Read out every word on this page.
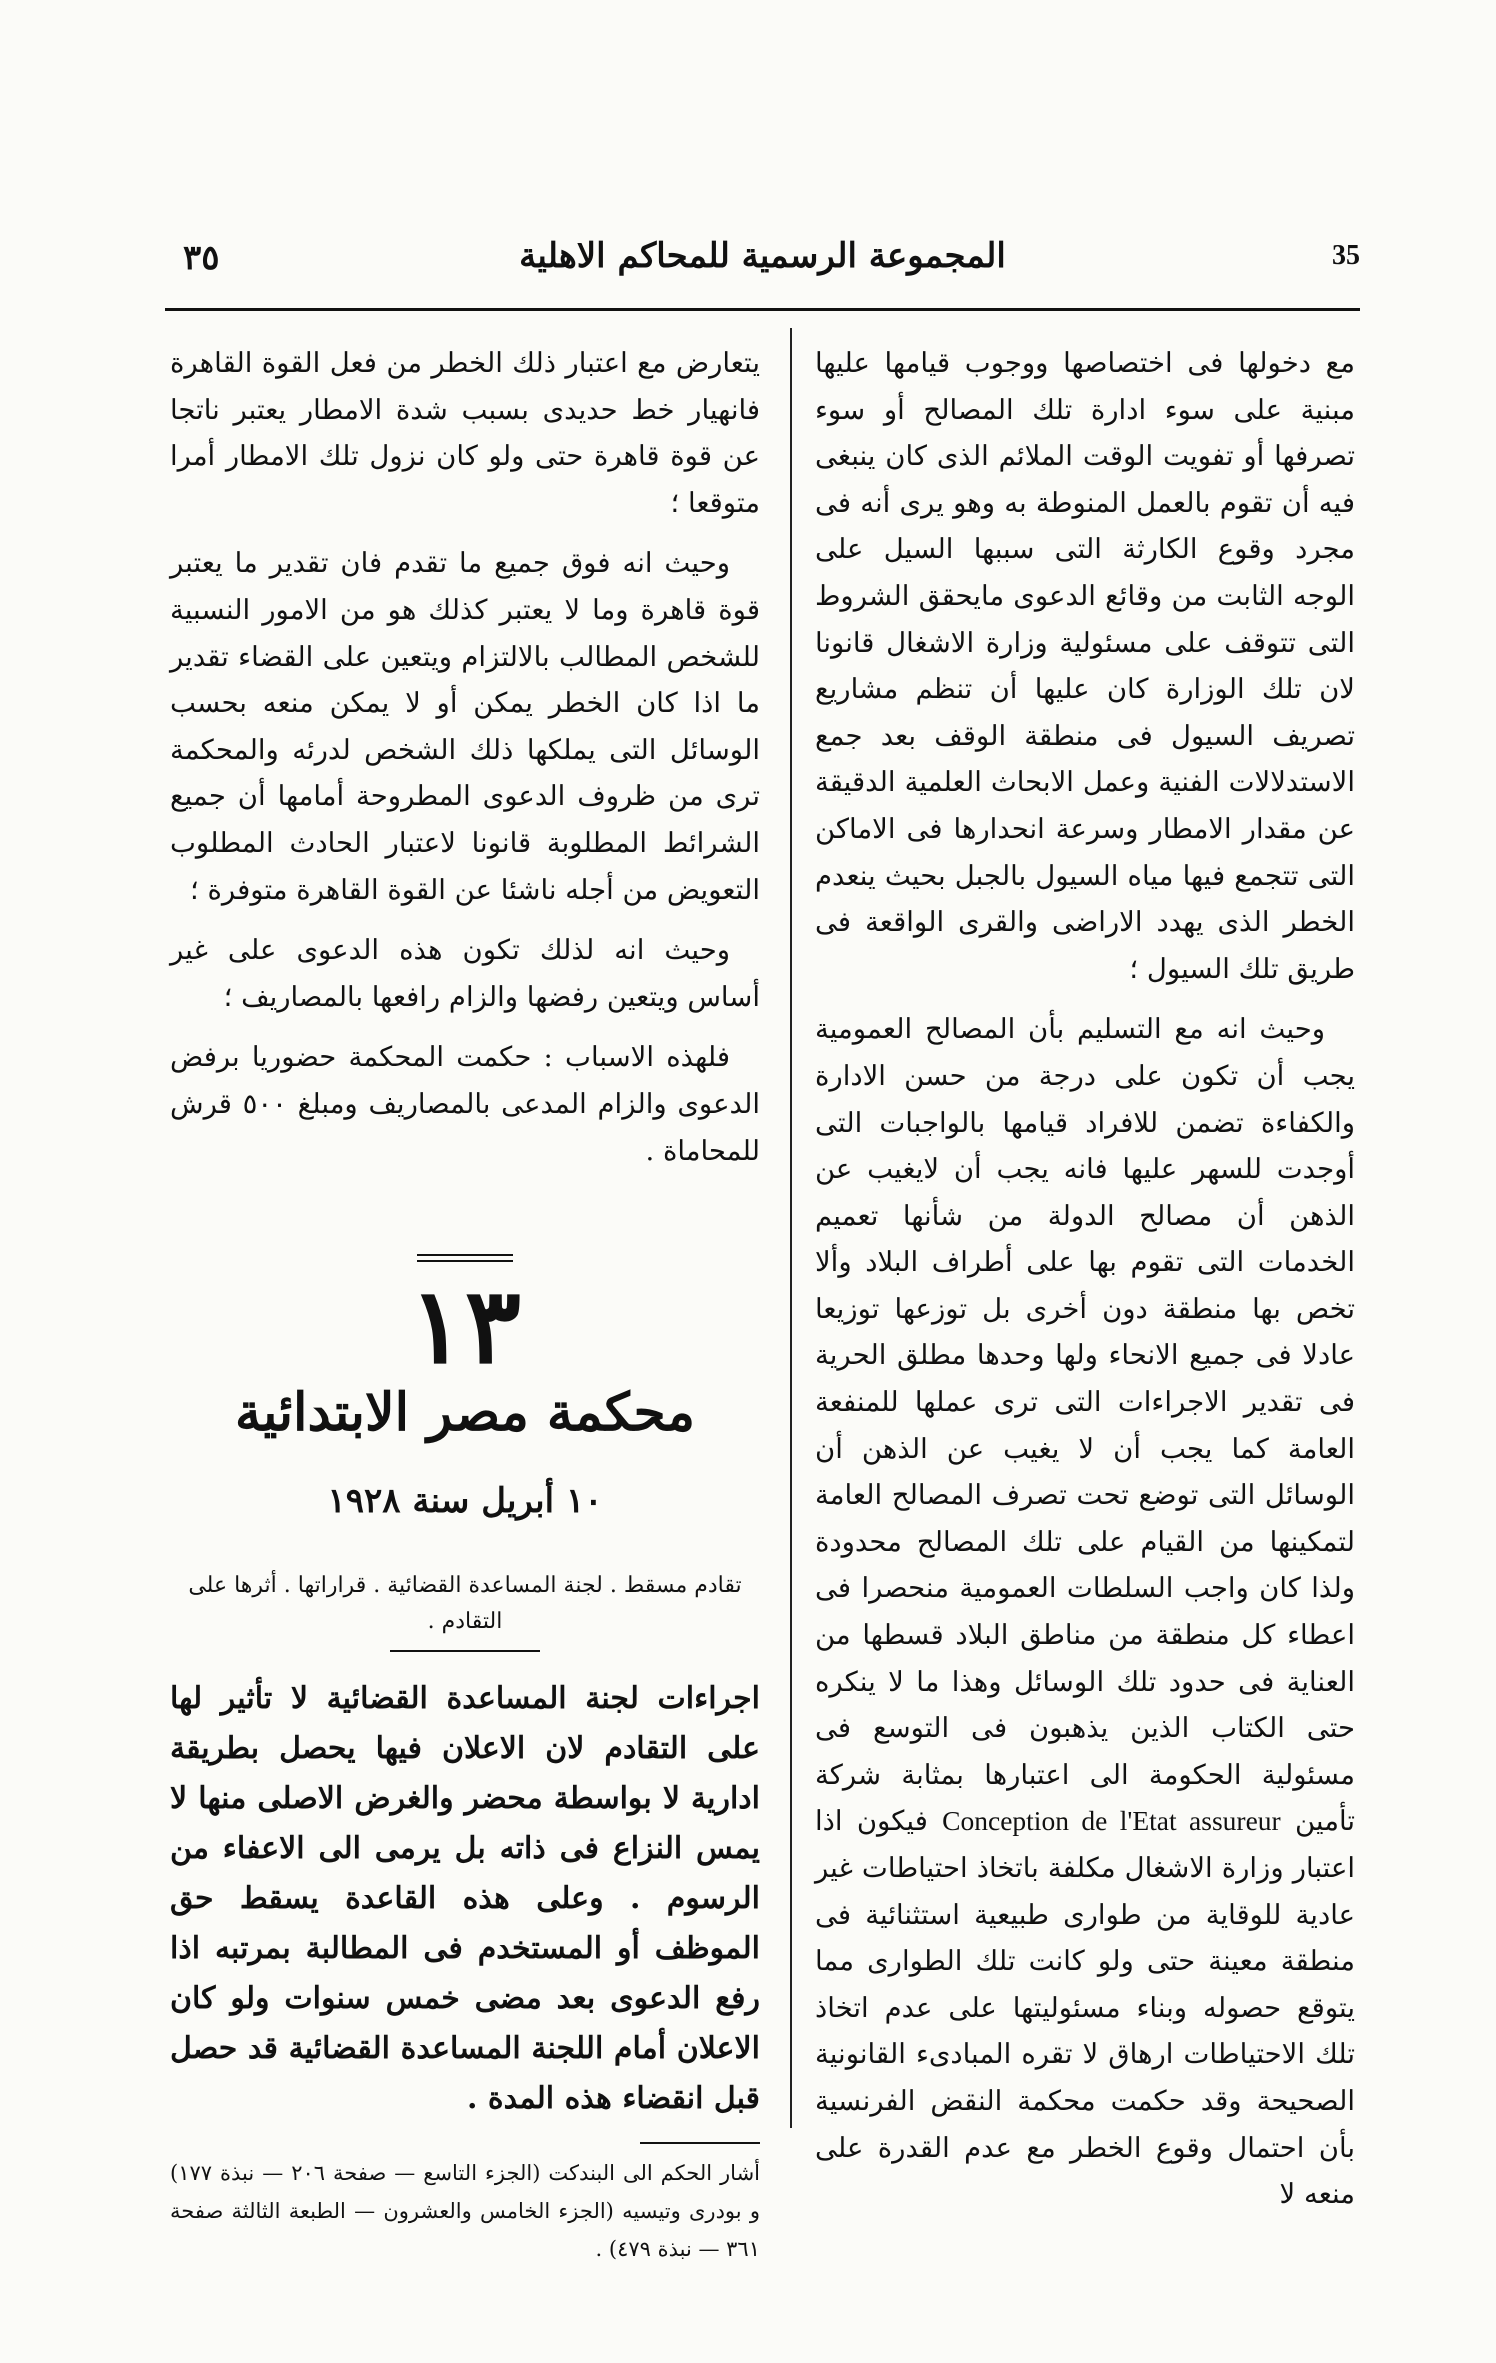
٣٥	المجموعة الرسمية للمحاكم الاهلية	35

مع دخولها فى اختصاصها ووجوب قيامها عليها مبنية على سوء ادارة تلك المصالح أو سوء تصرفها أو تفويت الوقت الملائم الذى كان ينبغى فيه أن تقوم بالعمل المنوطة به وهو يرى أنه فى مجرد وقوع الكارثة التى سببها السيل على الوجه الثابت من وقائع الدعوى مايحقق الشروط التى تتوقف على مسئولية وزارة الاشغال قانونا لان تلك الوزارة كان عليها أن تنظم مشاريع تصريف السيول فى منطقة الوقف بعد جمع الاستدلالات الفنية وعمل الابحاث العلمية الدقيقة عن مقدار الامطار وسرعة انحدارها فى الاماكن التى تتجمع فيها مياه السيول بالجبل بحيث ينعدم الخطر الذى يهدد الاراضى والقرى الواقعة فى طريق تلك السيول ؛

وحيث انه مع التسليم بأن المصالح العمومية يجب أن تكون على درجة من حسن الادارة والكفاءة تضمن للافراد قيامها بالواجبات التى أوجدت للسهر عليها فانه يجب أن لايغيب عن الذهن أن مصالح الدولة من شأنها تعميم الخدمات التى تقوم بها على أطراف البلاد وألا تخص بها منطقة دون أخرى بل توزعها توزيعا عادلا فى جميع الانحاء ولها وحدها مطلق الحرية فى تقدير الاجراءات التى ترى عملها للمنفعة العامة كما يجب أن لا يغيب عن الذهن أن الوسائل التى توضع تحت تصرف المصالح العامة لتمكينها من القيام على تلك المصالح محدودة ولذا كان واجب السلطات العمومية منحصرا فى اعطاء كل منطقة من مناطق البلاد قسطها من العناية فى حدود تلك الوسائل وهذا ما لا ينكره حتى الكتاب الذين يذهبون فى التوسع فى مسئولية الحكومة الى اعتبارها بمثابة شركة تأمين Conception de l'Etat assureur فيكون اذا اعتبار وزارة الاشغال مكلفة باتخاذ احتياطات غير عادية للوقاية من طوارى طبيعية استثنائية فى منطقة معينة حتى ولو كانت تلك الطوارى مما يتوقع حصوله وبناء مسئوليتها على عدم اتخاذ تلك الاحتياطات ارهاق لا تقره المبادىء القانونية الصحيحة وقد حكمت محكمة النقض الفرنسية بأن احتمال وقوع الخطر مع عدم القدرة على منعه لا

يتعارض مع اعتبار ذلك الخطر من فعل القوة القاهرة فانهيار خط حديدى بسبب شدة الامطار يعتبر ناتجا عن قوة قاهرة حتى ولو كان نزول تلك الامطار أمرا متوقعا ؛

وحيث انه فوق جميع ما تقدم فان تقدير ما يعتبر قوة قاهرة وما لا يعتبر كذلك هو من الامور النسبية للشخص المطالب بالالتزام ويتعين على القضاء تقدير ما اذا كان الخطر يمكن أو لا يمكن منعه بحسب الوسائل التى يملكها ذلك الشخص لدرئه والمحكمة ترى من ظروف الدعوى المطروحة أمامها أن جميع الشرائط المطلوبة قانونا لاعتبار الحادث المطلوب التعويض من أجله ناشئا عن القوة القاهرة متوفرة ؛

وحيث انه لذلك تكون هذه الدعوى على غير أساس ويتعين رفضها والزام رافعها بالمصاريف ؛

فلهذه الاسباب : حكمت المحكمة حضوريا برفض الدعوى والزام المدعى بالمصاريف ومبلغ ٥٠٠ قرش للمحاماة .

١٣
محكمة مصر الابتدائية
١٠ أبريل سنة ١٩٢٨
تقادم مسقط . لجنة المساعدة القضائية . قراراتها . أثرها على التقادم .

اجراءات لجنة المساعدة القضائية لا تأثير لها على التقادم لان الاعلان فيها يحصل بطريقة ادارية لا بواسطة محضر والغرض الاصلى منها لا يمس النزاع فى ذاته بل يرمى الى الاعفاء من الرسوم . وعلى هذه القاعدة يسقط حق الموظف أو المستخدم فى المطالبة بمرتبه اذا رفع الدعوى بعد مضى خمس سنوات ولو كان الاعلان أمام اللجنة المساعدة القضائية قد حصل قبل انقضاء هذه المدة .

أشار الحكم الى البندكت (الجزء التاسع — صفحة ٢٠٦ — نبذة ١٧٧) و بودرى وتيسيه (الجزء الخامس والعشرون — الطبعة الثالثة صفحة ٣٦١ — نبذة ٤٧٩) .
